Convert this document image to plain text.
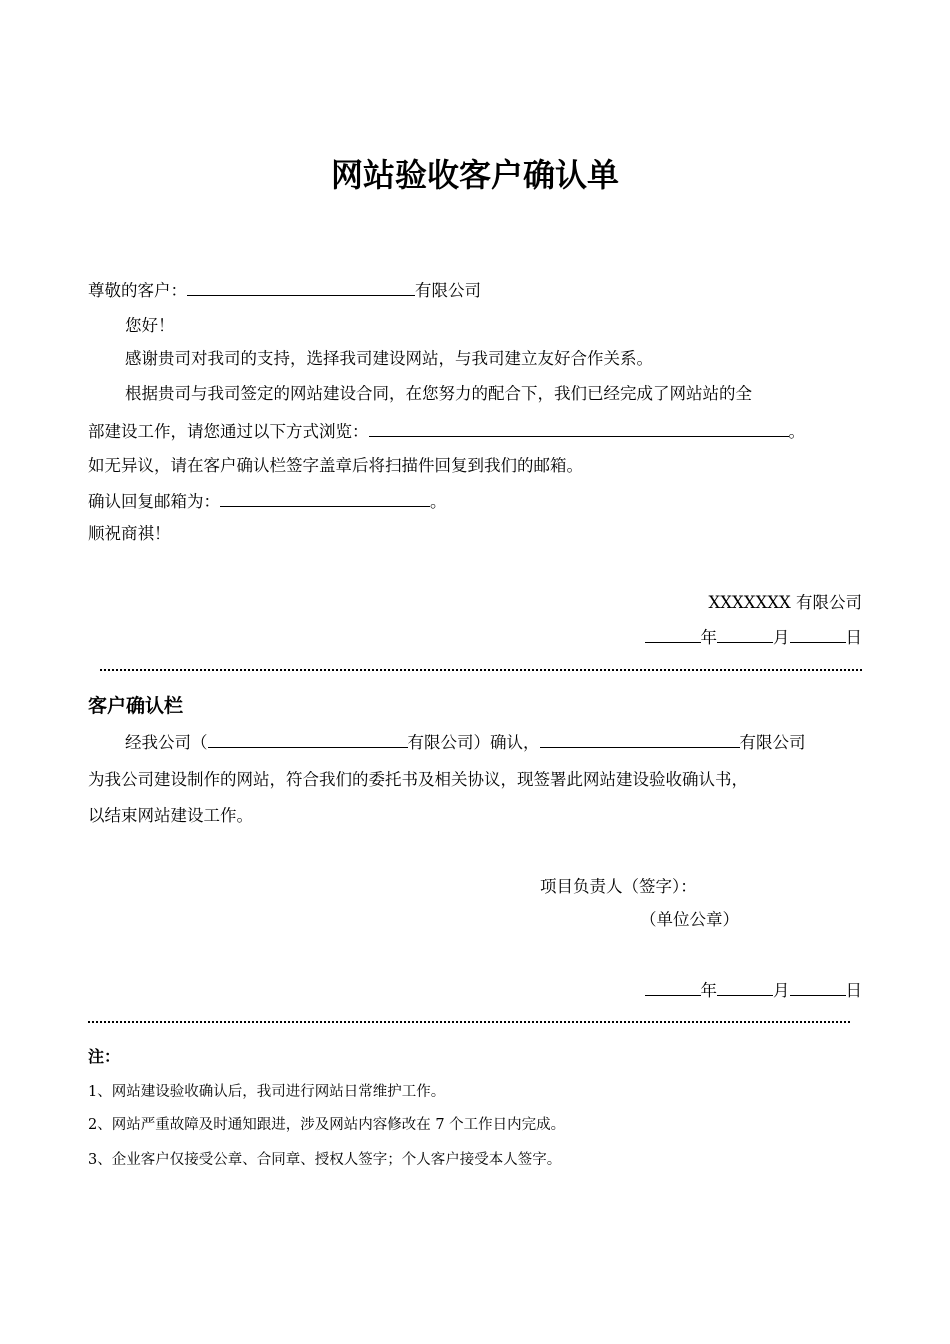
网站验收客户确认单
尊敬的客户：	有限公司
您好！
感谢贵司对我司的支持，选择我司建设网站，与我司建立友好合作关系。
根据贵司与我司签定的网站建设合同，在您努力的配合下，我们已经完成了网站站的全
部建设工作，请您通过以下方式浏览：	。
如无异议，请在客户确认栏签字盖章后将扫描件回复到我们的邮箱。
确认回复邮箱为：	。
顺祝商祺！
XXXXXXX 有限公司
年	月	日
客户确认栏
经我公司（	有限公司）确认，	有限公司
为我公司建设制作的网站，符合我们的委托书及相关协议，现签署此网站建设验收确认书，
以结束网站建设工作。
项目负责人（签字）：
（单位公章）
年	月	日
注：
1、网站建设验收确认后，我司进行网站日常维护工作。
2、网站严重故障及时通知跟进，涉及网站内容修改在 7 个工作日内完成。
3、企业客户仅接受公章、合同章、授权人签字；个人客户接受本人签字。
